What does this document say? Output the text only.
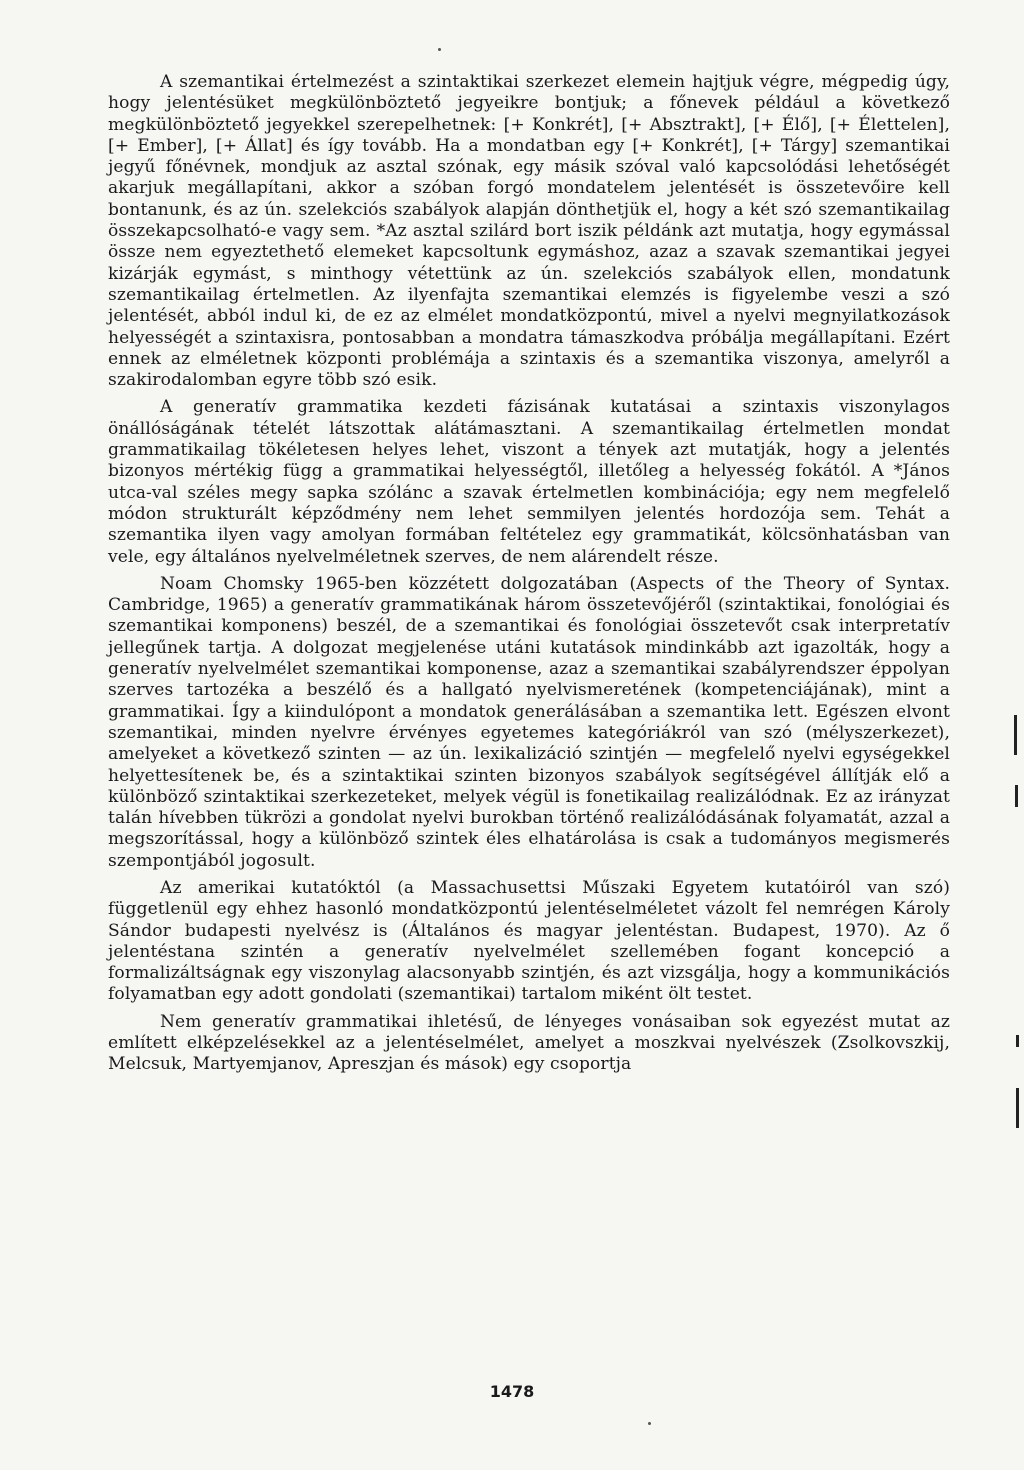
A szemantikai értelmezést a szintaktikai szerkezet elemein hajtjuk végre, mégpedig úgy, hogy jelentésüket megkülönböztető jegyeikre bontjuk; a főnevek például a következő megkülönböztető jegyekkel szerepelhetnek: [+ Konkrét], [+ Absztrakt], [+ Élő], [+ Élettelen], [+ Ember], [+ Állat] és így tovább. Ha a mondatban egy [+ Konkrét], [+ Tárgy] szemantikai jegyű főnévnek, mondjuk az asztal szónak, egy másik szóval való kapcsolódási lehetőségét akarjuk megállapítani, akkor a szóban forgó mondatelem jelentését is összetevőire kell bontanunk, és az ún. szelekciós szabályok alapján dönthetjük el, hogy a két szó szemantikailag összekapcsolható-e vagy sem. *Az asztal szilárd bort iszik példánk azt mutatja, hogy egymással össze nem egyeztethető elemeket kapcsoltunk egymáshoz, azaz a szavak szemantikai jegyei kizárják egymást, s minthogy vétettünk az ún. szelekciós szabályok ellen, mondatunk szemantikailag értelmetlen. Az ilyenfajta szemantikai elemzés is figyelembe veszi a szó jelentését, abból indul ki, de ez az elmélet mondatközpontú, mivel a nyelvi megnyilatkozások helyességét a szintaxisra, pontosabban a mondatra támaszkodva próbálja megállapítani. Ezért ennek az elméletnek központi problémája a szintaxis és a szemantika viszonya, amelyről a szakirodalomban egyre több szó esik.

A generatív grammatika kezdeti fázisának kutatásai a szintaxis viszonylagos önállóságának tételét látszottak alátámasztani. A szemantikailag értelmetlen mondat grammatikailag tökéletesen helyes lehet, viszont a tények azt mutatják, hogy a jelentés bizonyos mértékig függ a grammatikai helyességtől, illetőleg a helyesség fokától. A *János utca-val széles megy sapka szólánc a szavak értelmetlen kombinációja; egy nem megfelelő módon strukturált képződmény nem lehet semmilyen jelentés hordozója sem. Tehát a szemantika ilyen vagy amolyan formában feltételez egy grammatikát, kölcsönhatásban van vele, egy általános nyelvelméletnek szerves, de nem alárendelt része.

Noam Chomsky 1965-ben közzétett dolgozatában (Aspects of the Theory of Syntax. Cambridge, 1965) a generatív grammatikának három összetevőjéről (szintaktikai, fonológiai és szemantikai komponens) beszél, de a szemantikai és fonológiai összetevőt csak interpretatív jellegűnek tartja. A dolgozat megjelenése utáni kutatások mindinkább azt igazolták, hogy a generatív nyelvelmélet szemantikai komponense, azaz a szemantikai szabályrendszer éppolyan szerves tartozéka a beszélő és a hallgató nyelvismeretének (kompetenciájának), mint a grammatikai. Így a kiindulópont a mondatok generálásában a szemantika lett. Egészen elvont szemantikai, minden nyelvre érvényes egyetemes kategóriákról van szó (mélyszerkezet), amelyeket a következő szinten — az ún. lexikalizáció szintjén — megfelelő nyelvi egységekkel helyettesítenek be, és a szintaktikai szinten bizonyos szabályok segítségével állítják elő a különböző szintaktikai szerkezeteket, melyek végül is fonetikailag realizálódnak. Ez az irányzat talán hívebben tükrözi a gondolat nyelvi burokban történő realizálódásának folyamatát, azzal a megszorítással, hogy a különböző szintek éles elhatárolása is csak a tudományos megismerés szempontjából jogosult.

Az amerikai kutatóktól (a Massachusettsi Műszaki Egyetem kutatóiról van szó) függetlenül egy ehhez hasonló mondatközpontú jelentéselméletet vázolt fel nemrégen Károly Sándor budapesti nyelvész is (Általános és magyar jelentéstan. Budapest, 1970). Az ő jelentéstana szintén a generatív nyelvelmélet szellemében fogant koncepció a formalizáltságnak egy viszonylag alacsonyabb szintjén, és azt vizsgálja, hogy a kommunikációs folyamatban egy adott gondolati (szemantikai) tartalom miként ölt testet.

Nem generatív grammatikai ihletésű, de lényeges vonásaiban sok egyezést mutat az említett elképzelésekkel az a jelentéselmélet, amelyet a moszkvai nyelvészek (Zsolkovszkij, Melcsuk, Martyemjanov, Apreszjan és mások) egy csoportja

1478
